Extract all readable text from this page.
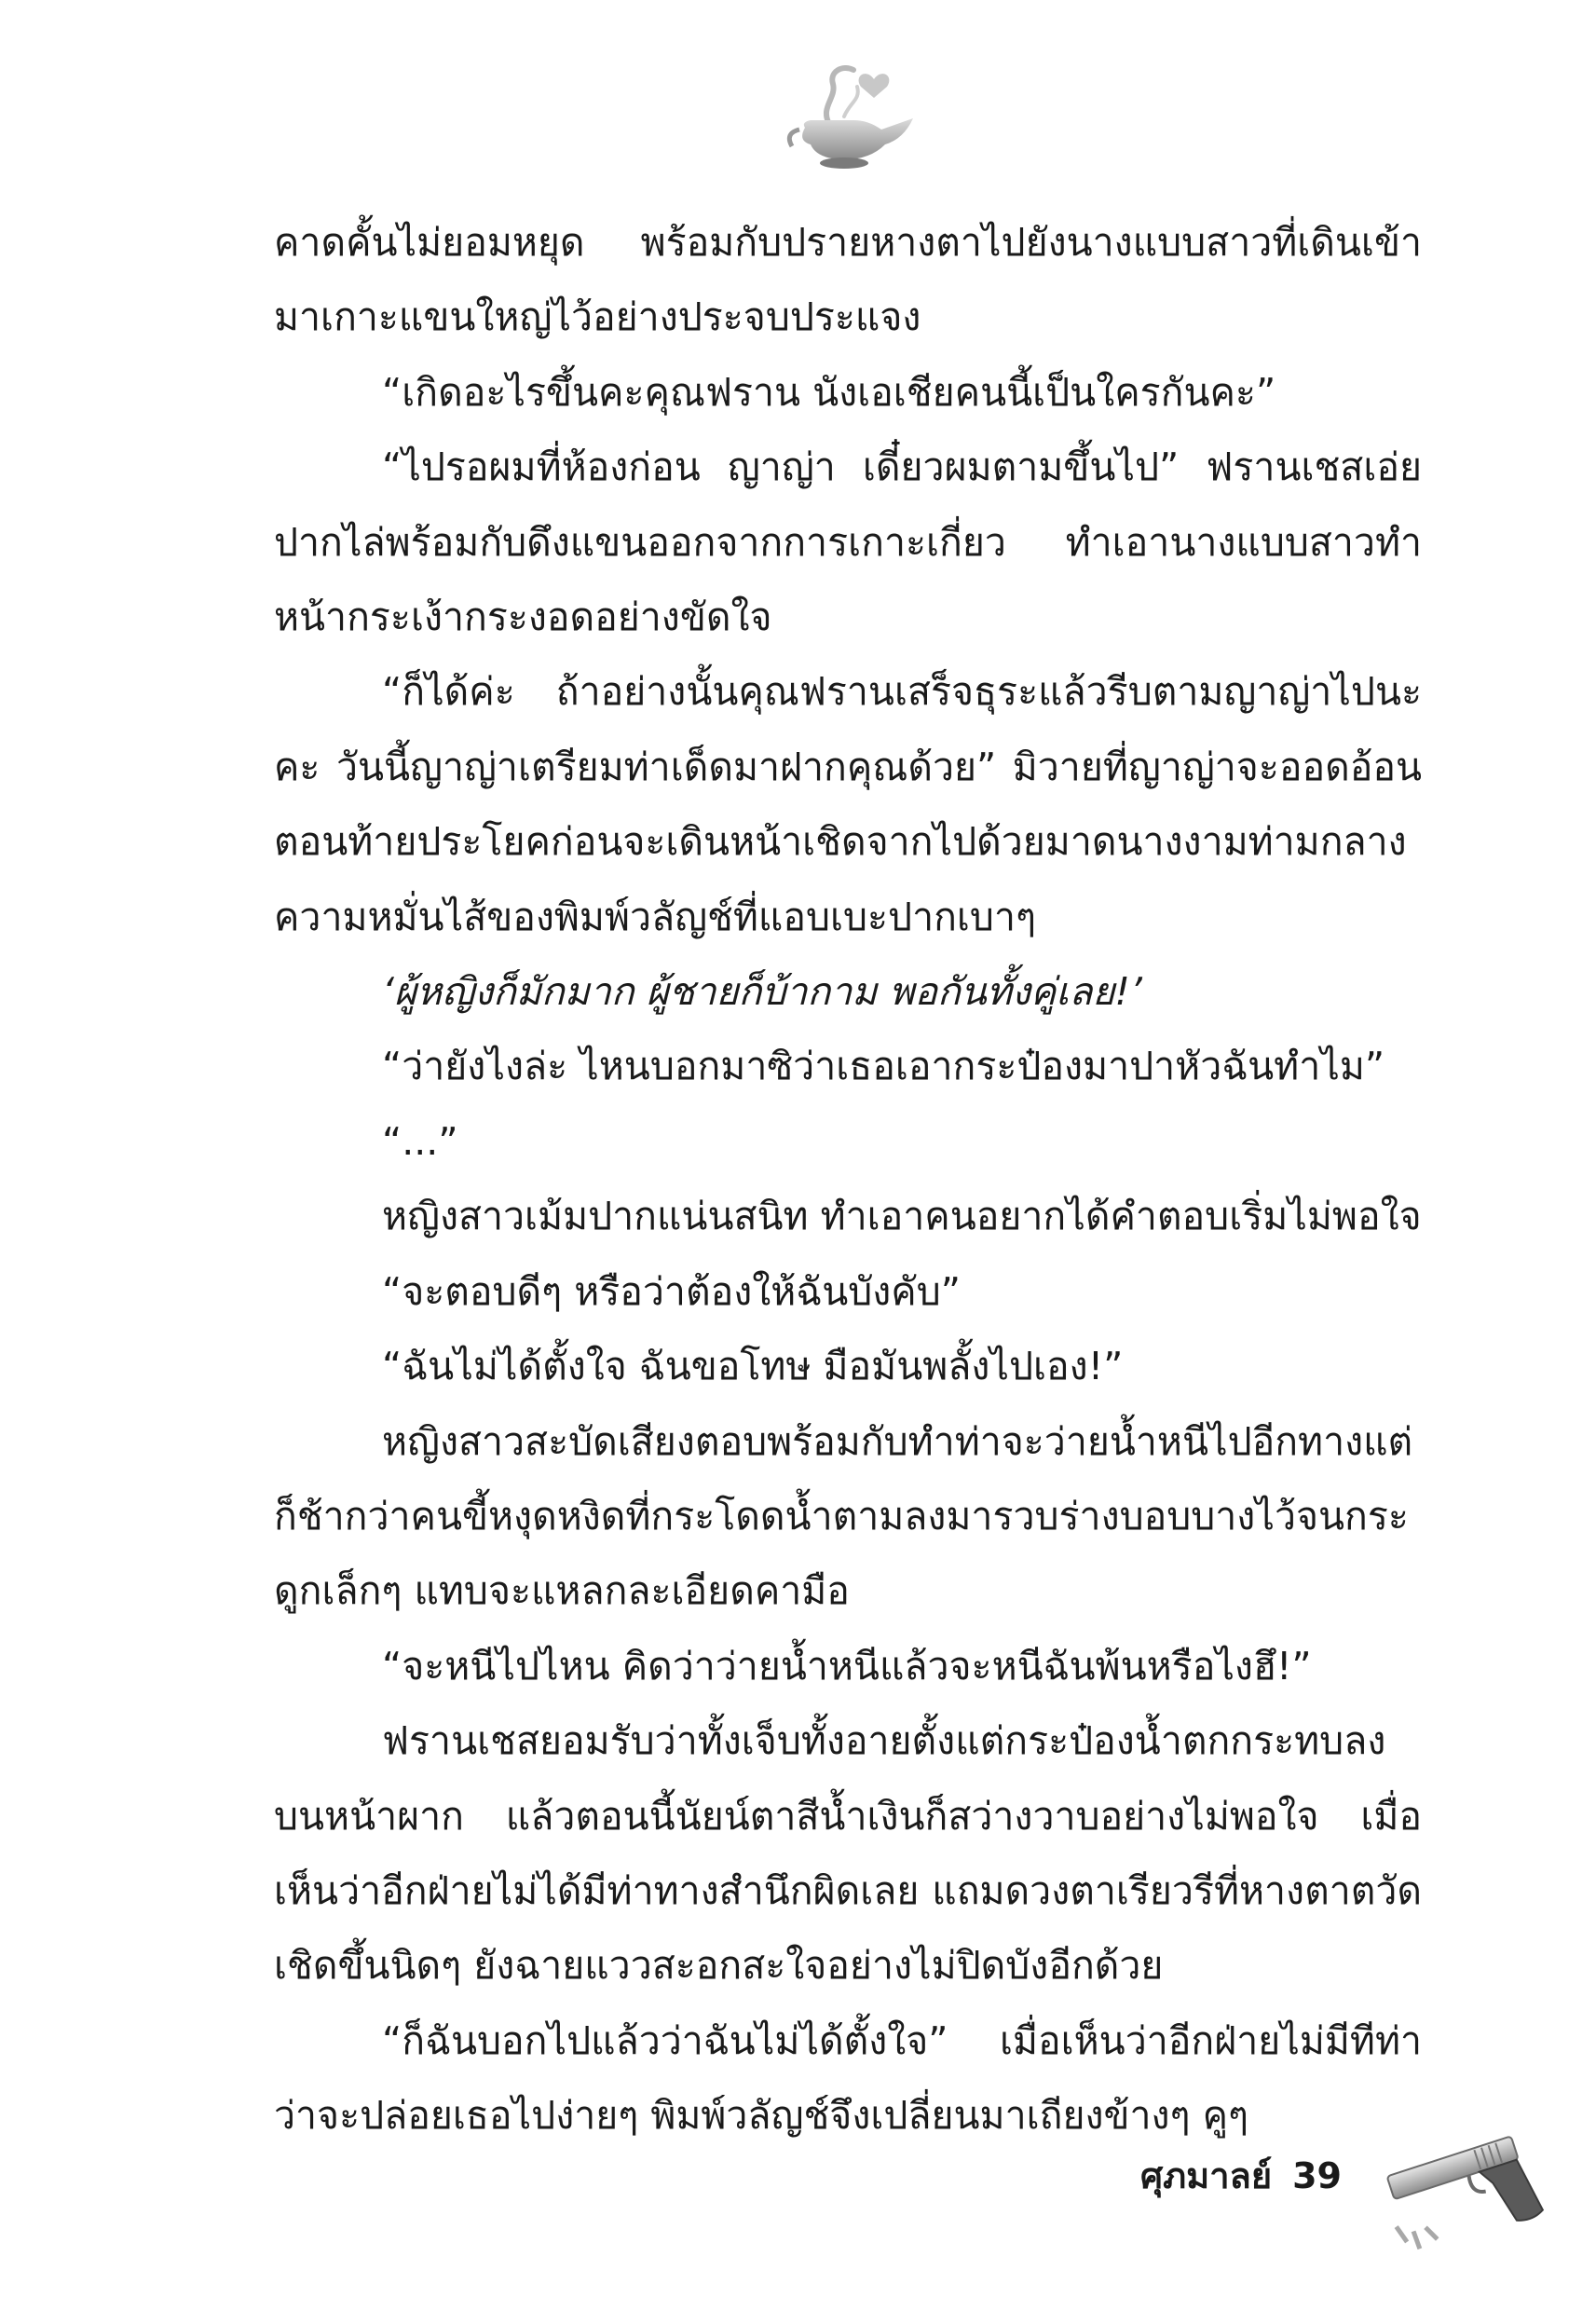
คาดคั้นไม่ยอมหยุด พร้อมกับปรายหางตาไปยังนางแบบสาวที่เดินเข้ามาเกาะแขนใหญ่ไว้อย่างประจบประแจง

“เกิดอะไรขึ้นคะคุณฟราน นังเอเชียคนนี้เป็นใครกันคะ”

“ไปรอผมที่ห้องก่อน ญาญ่า เดี๋ยวผมตามขึ้นไป” ฟรานเชสเอ่ยปากไล่พร้อมกับดึงแขนออกจากการเกาะเกี่ยว ทำเอานางแบบสาวทำหน้ากระเง้ากระงอดอย่างขัดใจ

“ก็ได้ค่ะ ถ้าอย่างนั้นคุณฟรานเสร็จธุระแล้วรีบตามญาญ่าไปนะคะ วันนี้ญาญ่าเตรียมท่าเด็ดมาฝากคุณด้วย” มิวายที่ญาญ่าจะออดอ้อนตอนท้ายประโยคก่อนจะเดินหน้าเชิดจากไปด้วยมาดนางงามท่ามกลางความหมั่นไส้ของพิมพ์วลัญช์ที่แอบเบะปากเบาๆ

‘ผู้หญิงก็มักมาก ผู้ชายก็บ้ากาม พอกันทั้งคู่เลย!’

“ว่ายังไงล่ะ ไหนบอกมาซิว่าเธอเอากระป๋องมาปาหัวฉันทำไม”

“...”

หญิงสาวเม้มปากแน่นสนิท ทำเอาคนอยากได้คำตอบเริ่มไม่พอใจ

“จะตอบดีๆ หรือว่าต้องให้ฉันบังคับ”

“ฉันไม่ได้ตั้งใจ ฉันขอโทษ มือมันพลั้งไปเอง!”

หญิงสาวสะบัดเสียงตอบพร้อมกับทำท่าจะว่ายน้ำหนีไปอีกทางแต่ก็ช้ากว่าคนขี้หงุดหงิดที่กระโดดน้ำตามลงมารวบร่างบอบบางไว้จนกระดูกเล็กๆ แทบจะแหลกละเอียดคามือ

“จะหนีไปไหน คิดว่าว่ายน้ำหนีแล้วจะหนีฉันพ้นหรือไงฮึ!”

ฟรานเชสยอมรับว่าทั้งเจ็บทั้งอายตั้งแต่กระป๋องน้ำตกกระทบลงบนหน้าผาก แล้วตอนนี้นัยน์ตาสีน้ำเงินก็สว่างวาบอย่างไม่พอใจ เมื่อเห็นว่าอีกฝ่ายไม่ได้มีท่าทางสำนึกผิดเลย แถมดวงตาเรียวรีที่หางตาตวัดเชิดขึ้นนิดๆ ยังฉายแววสะอกสะใจอย่างไม่ปิดบังอีกด้วย

“ก็ฉันบอกไปแล้วว่าฉันไม่ได้ตั้งใจ” เมื่อเห็นว่าอีกฝ่ายไม่มีทีท่าว่าจะปล่อยเธอไปง่ายๆ พิมพ์วลัญช์จึงเปลี่ยนมาเถียงข้างๆ คูๆ

ศุภมาลย์ 39
